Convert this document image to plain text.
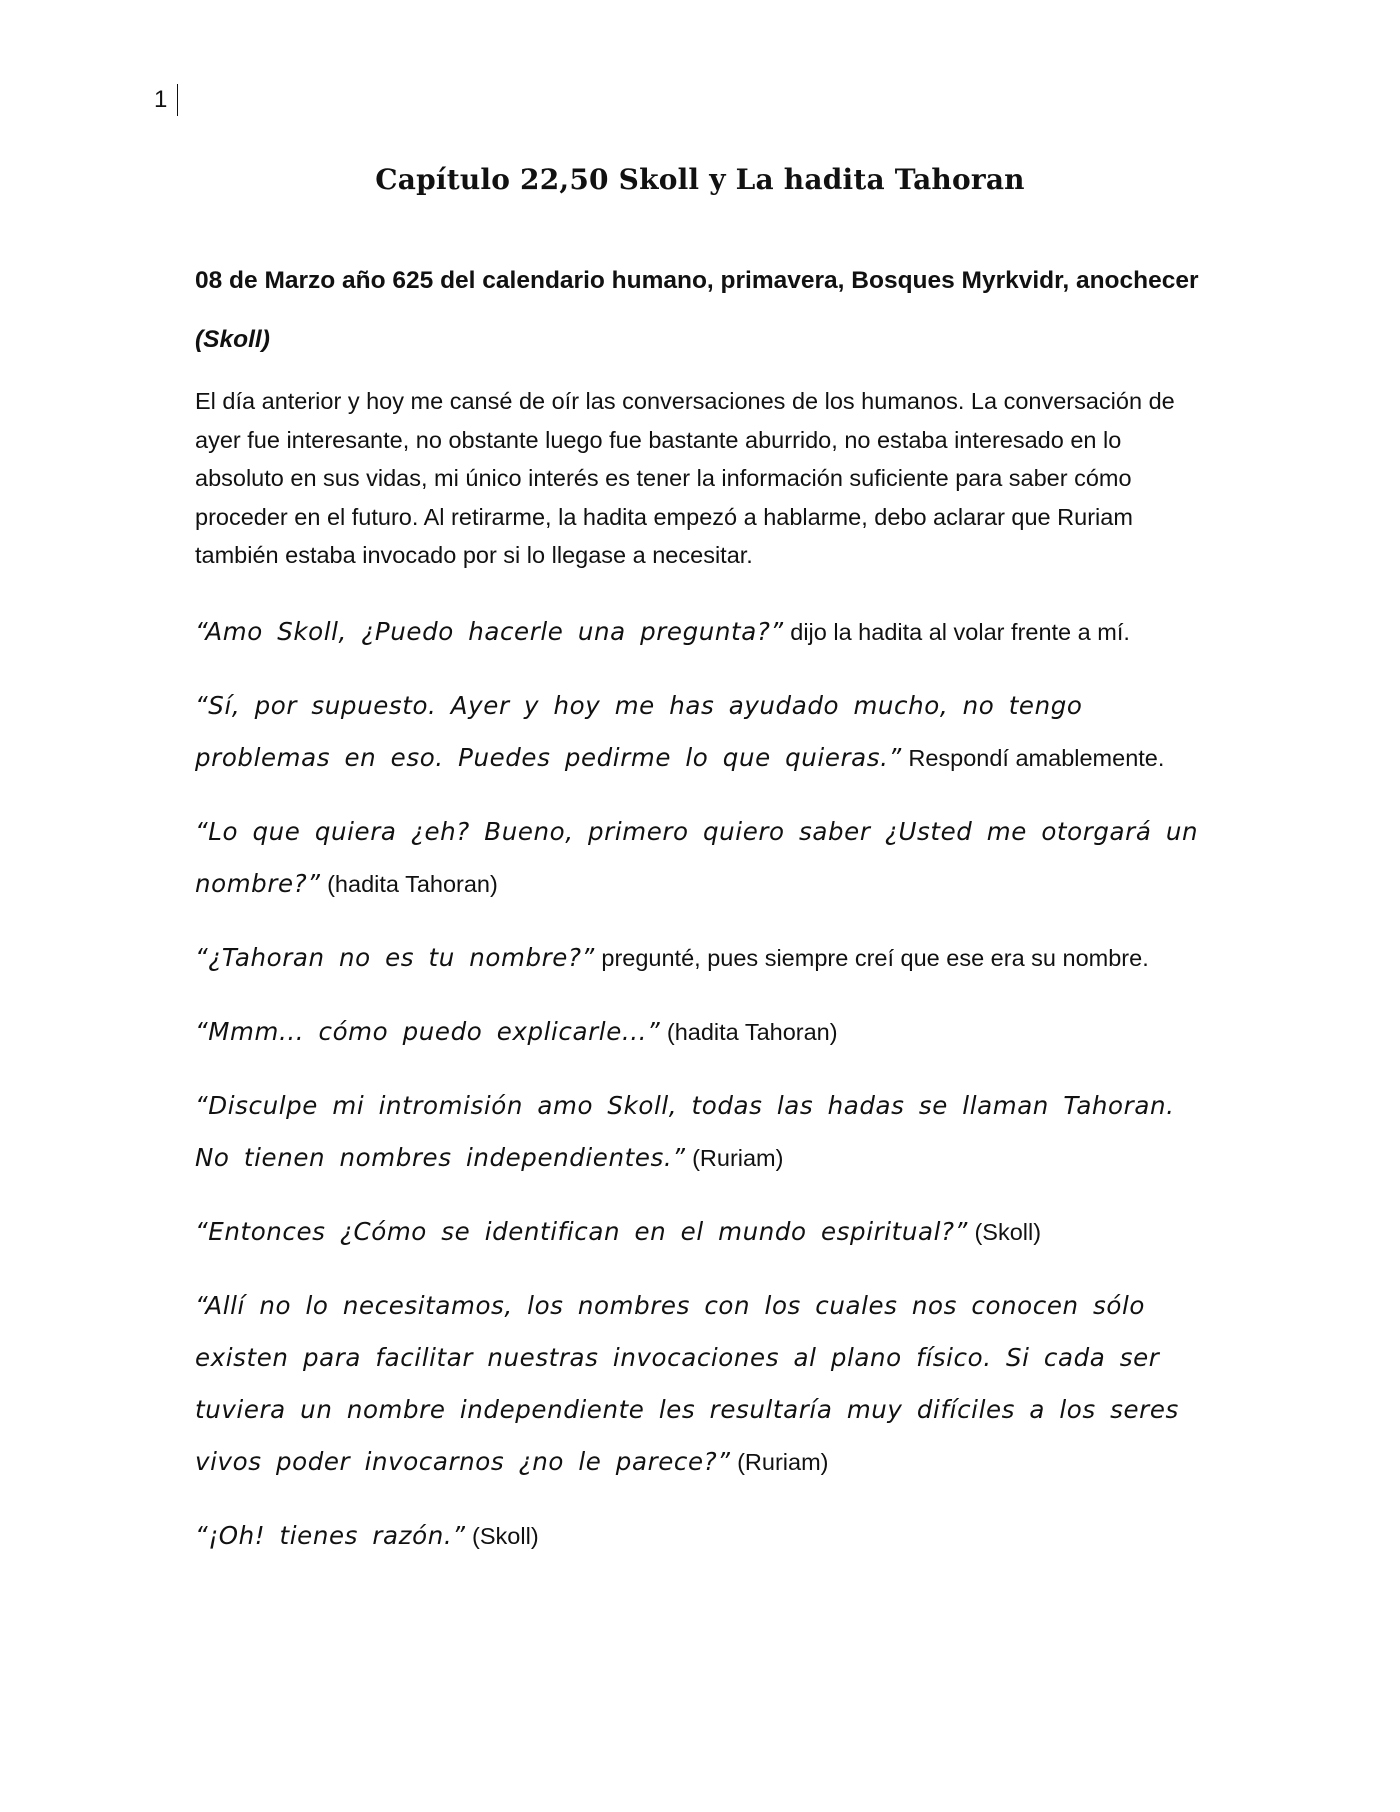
1
Capítulo 22,50 Skoll y La hadita Tahoran

08 de Marzo año 625 del calendario humano, primavera, Bosques Myrkvidr, anochecer

(Skoll)

El día anterior y hoy me cansé de oír las conversaciones de los humanos. La conversación de ayer fue interesante, no obstante luego fue bastante aburrido, no estaba interesado en lo absoluto en sus vidas, mi único interés es tener la información suficiente para saber cómo proceder en el futuro. Al retirarme, la hadita empezó a hablarme, debo aclarar que Ruriam también estaba invocado por si lo llegase a necesitar.

“Amo Skoll, ¿Puedo hacerle una pregunta?” dijo la hadita al volar frente a mí.

“Sí, por supuesto. Ayer y hoy me has ayudado mucho, no tengo problemas en eso. Puedes pedirme lo que quieras.” Respondí amablemente.

“Lo que quiera ¿eh? Bueno, primero quiero saber ¿Usted me otorgará un nombre?” (hadita Tahoran)

“¿Tahoran no es tu nombre?” pregunté, pues siempre creí que ese era su nombre.

“Mmm... cómo puedo explicarle...” (hadita Tahoran)

“Disculpe mi intromisión amo Skoll, todas las hadas se llaman Tahoran. No tienen nombres independientes.” (Ruriam)

“Entonces ¿Cómo se identifican en el mundo espiritual?” (Skoll)

“Allí no lo necesitamos, los nombres con los cuales nos conocen sólo existen para facilitar nuestras invocaciones al plano físico. Si cada ser tuviera un nombre independiente les resultaría muy difíciles a los seres vivos poder invocarnos ¿no le parece?” (Ruriam)

“¡Oh! tienes razón.” (Skoll)
